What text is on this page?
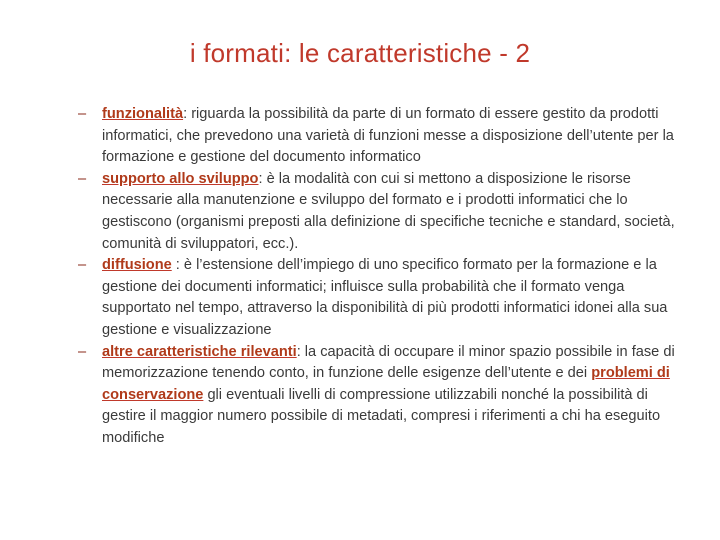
i formati: le caratteristiche - 2
– funzionalità: riguarda la possibilità da parte di un formato di essere gestito da prodotti informatici, che prevedono una varietà di funzioni messe a disposizione dell’utente per la formazione e gestione del documento informatico
– supporto allo sviluppo: è la modalità con cui si mettono a disposizione le risorse necessarie alla manutenzione e sviluppo del formato e i prodotti informatici che lo gestiscono (organismi preposti alla definizione di specifiche tecniche e standard, società, comunità di sviluppatori, ecc.).
– diffusione : è l’estensione dell’impiego di uno specifico formato per la formazione e la gestione dei documenti informatici; influisce sulla probabilità che il formato venga supportato nel tempo, attraverso la disponibilità di più prodotti informatici idonei alla sua gestione e visualizzazione
– altre caratteristiche rilevanti: la capacità di occupare il minor spazio possibile in fase di memorizzazione tenendo conto, in funzione delle esigenze dell’utente e dei problemi di conservazione gli eventuali livelli di compressione utilizzabili nonché la possibilità di gestire il maggior numero possibile di metadati, compresi i riferimenti a chi ha eseguito modifiche
